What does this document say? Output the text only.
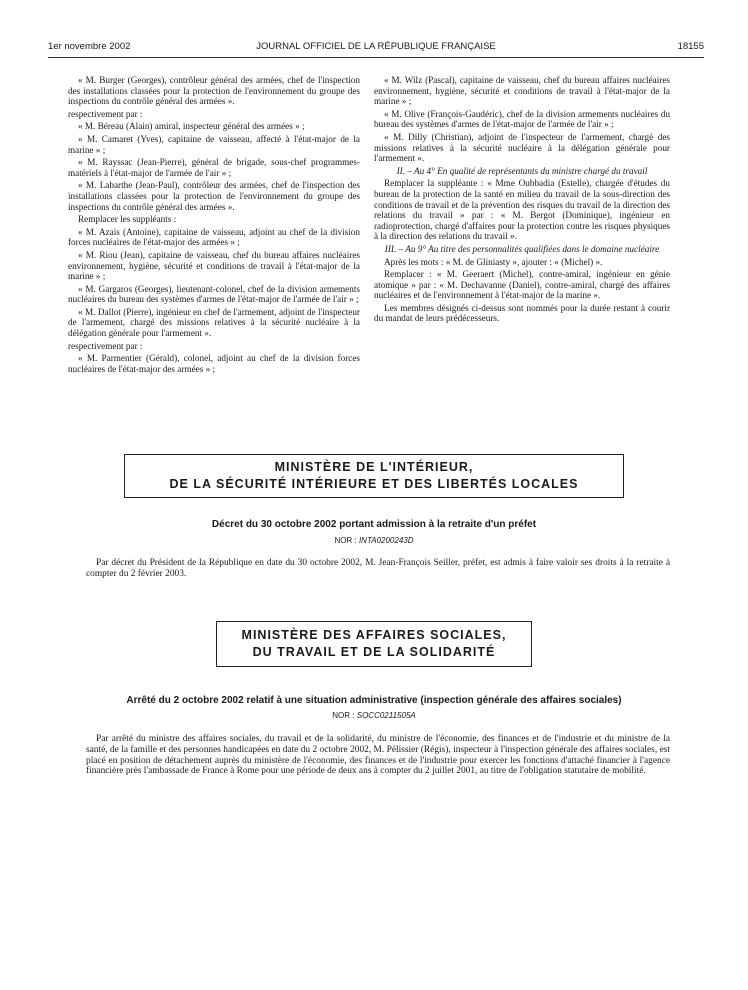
1er novembre 2002	JOURNAL OFFICIEL DE LA RÉPUBLIQUE FRANÇAISE	18155

« M. Burger (Georges), contrôleur général des armées, chef de l'inspection des installations classées pour la protection de l'environnement du groupe des inspections du contrôle général des armées ».

respectivement par :

« M. Béreau (Alain) amiral, inspecteur général des armées » ;

« M. Camaret (Yves), capitaine de vaisseau, affecté à l'état-major de la marine » ;

« M. Rayssac (Jean-Pierre), général de brigade, sous-chef programmes-matériels à l'état-major de l'armée de l'air » ;

« M. Labarthe (Jean-Paul), contrôleur des armées, chef de l'inspection des installations classées pour la protection de l'environnement du groupe des inspections du contrôle général des armées ».

Remplacer les suppléants :

« M. Azais (Antoine), capitaine de vaisseau, adjoint au chef de la division forces nucléaires de l'état-major des armées » ;

« M. Riou (Jean), capitaine de vaisseau, chef du bureau affaires nucléaires environnement, hygiène, sécurité et conditions de travail à l'état-major de la marine » ;

« M. Gargaros (Georges), lieutenant-colonel, chef de la division armements nucléaires du bureau des systèmes d'armes de l'état-major de l'armée de l'air » ;

« M. Dallot (Pierre), ingénieur en chef de l'armement, adjoint de l'inspecteur de l'armement, chargé des missions relatives à la sécurité nucléaire à la délégation générale pour l'armement ».

respectivement par :

« M. Parmentier (Gérald), colonel, adjoint au chef de la division forces nucléaires de l'état-major des armées » ;

« M. Wilz (Pascal), capitaine de vaisseau, chef du bureau affaires nucléaires environnement, hygiène, sécurité et conditions de travail à l'état-major de la marine » ;

« M. Olive (François-Gaudéric), chef de la division armements nucléaires du bureau des systèmes d'armes de l'état-major de l'armée de l'air » ;

« M. Dilly (Christian), adjoint de l'inspecteur de l'armement, chargé des missions relatives à la sécurité nucléaire à la délégation générale pour l'armement ».

II. – Au 4° En qualité de représentants du ministre chargé du travail

Remplacer la suppléante : « Mme Oubbadia (Estelle), chargée d'études du bureau de la protection de la santé en milieu du travail de la sous-direction des conditions de travail et de la prévention des risques du travail de la direction des relations du travail » par : « M. Bergot (Dominique), ingénieur en radioprotection, chargé d'affaires pour la protection contre les risques physiques à la direction des relations du travail ».

III. – Au 9° Au titre des personnalités qualifiées dans le domaine nucléaire

Après les mots : « M. de Gliniasty », ajouter : « (Michel) ».

Remplacer : « M. Geeraert (Michel), contre-amiral, ingénieur en génie atomique » par : « M. Dechavanne (Daniel), contre-amiral, chargé des affaires nucléaires et de l'environnement à l'état-major de la marine ».

Les membres désignés ci-dessus sont nommés pour la durée restant à courir du mandat de leurs prédécesseurs.

MINISTÈRE DE L'INTÉRIEUR,
DE LA SÉCURITÉ INTÉRIEURE ET DES LIBERTÉS LOCALES
Décret du 30 octobre 2002 portant admission à la retraite d'un préfet
NOR : INTA0200243D
Par décret du Président de la République en date du 30 octobre 2002, M. Jean-François Seiller, préfet, est admis à faire valoir ses droits à la retraite à compter du 2 février 2003.
MINISTÈRE DES AFFAIRES SOCIALES,
DU TRAVAIL ET DE LA SOLIDARITÉ
Arrêté du 2 octobre 2002 relatif à une situation administrative (inspection générale des affaires sociales)
NOR : SOCC0211505A
Par arrêté du ministre des affaires sociales, du travail et de la solidarité, du ministre de l'économie, des finances et de l'industrie et du ministre de la santé, de la famille et des personnes handicapées en date du 2 octobre 2002, M. Pélissier (Régis), inspecteur à l'inspection générale des affaires sociales, est placé en position de détachement auprès du ministère de l'économie, des finances et de l'industrie pour exercer les fonctions d'attaché financier à l'agence financière près l'ambassade de France à Rome pour une période de deux ans à compter du 2 juillet 2001, au titre de l'obligation statutaire de mobilité.
